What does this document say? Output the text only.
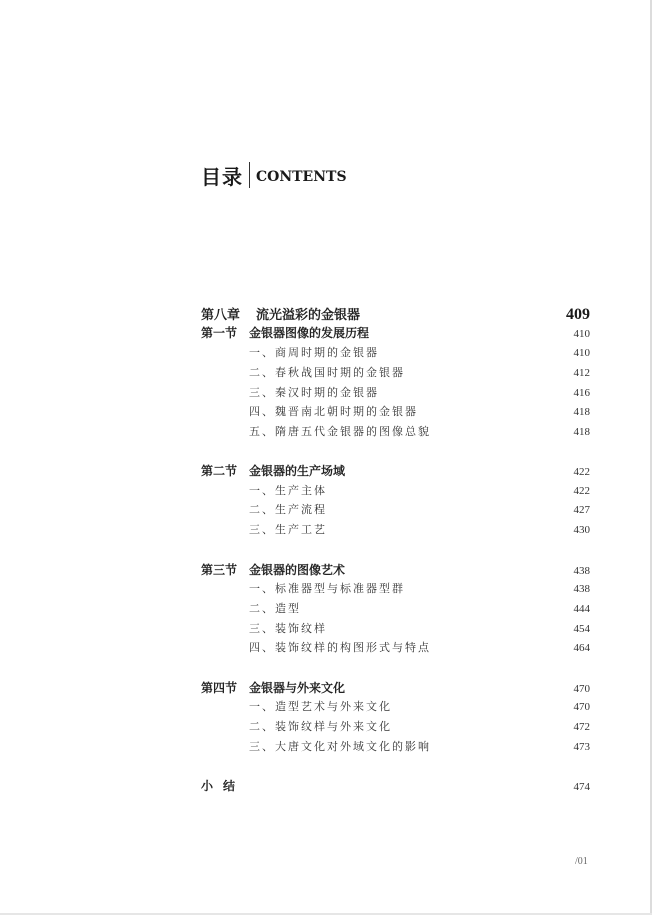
目录 CONTENTS
第八章	流光溢彩的金银器	409
第一节 金银器图像的发展历程	410
一、商周时期的金银器	410
二、春秋战国时期的金银器	412
三、秦汉时期的金银器	416
四、魏晋南北朝时期的金银器	418
五、隋唐五代金银器的图像总貌	418
第二节 金银器的生产场域	422
一、生产主体	422
二、生产流程	427
三、生产工艺	430
第三节 金银器的图像艺术	438
一、标准器型与标准器型群	438
二、造型	444
三、装饰纹样	454
四、装饰纹样的构图形式与特点	464
第四节 金银器与外来文化	470
一、造型艺术与外来文化	470
二、装饰纹样与外来文化	472
三、大唐文化对外域文化的影响	473
小结	474
/01
